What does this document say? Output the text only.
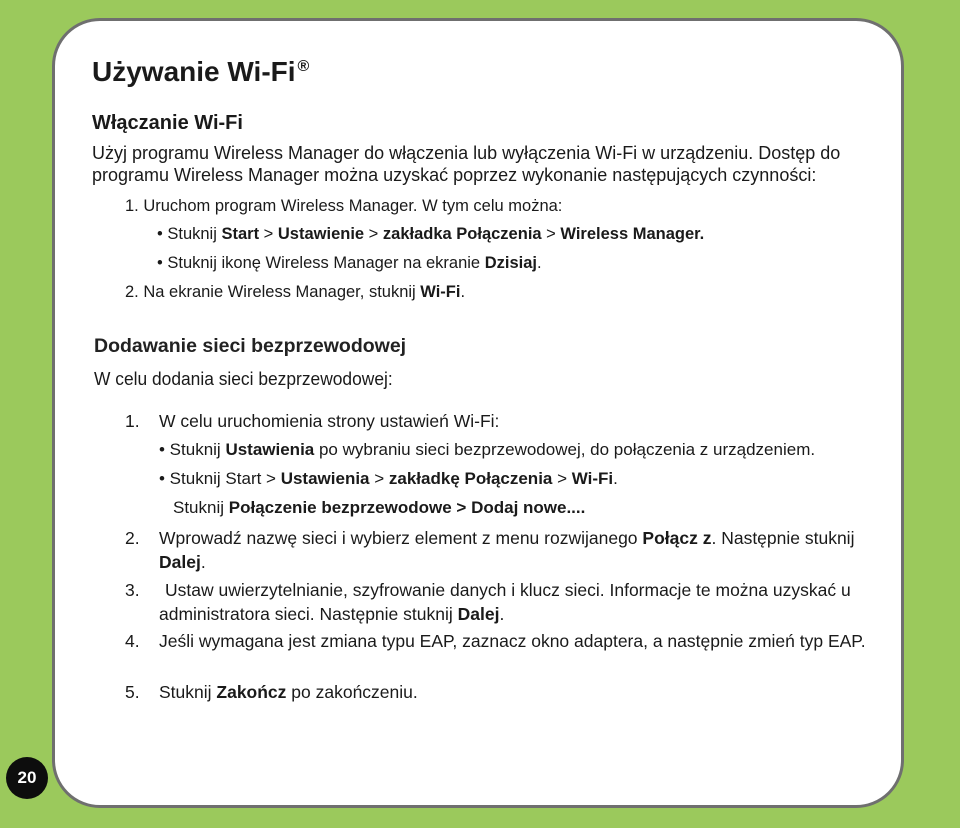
Używanie Wi-Fi ®
Włączanie Wi-Fi

Użyj programu Wireless Manager do włączenia lub wyłączenia Wi-Fi w urządzeniu. Dostęp do programu Wireless Manager można uzyskać poprzez wykonanie następujących czynności:

1. Uruchom program Wireless Manager. W tym celu można:

• Stuknij Start > Ustawienie > zakładka Połączenia > Wireless Manager.

• Stuknij ikonę Wireless Manager na ekranie Dzisiaj.

2. Na ekranie Wireless Manager, stuknij Wi-Fi.

Dodawanie sieci bezprzewodowej

W celu dodania sieci bezprzewodowej:

1. W celu uruchomienia strony ustawień Wi-Fi:

• Stuknij Ustawienia po wybraniu sieci bezprzewodowej, do połączenia z urządzeniem.

• Stuknij Start > Ustawienia > zakładkę Połączenia > Wi-Fi.

Stuknij Połączenie bezprzewodowe > Dodaj nowe....

2. Wprowadź nazwę sieci i wybierz element z menu rozwijanego Połącz z. Następnie stuknij Dalej.

3.	Ustaw uwierzytelnianie, szyfrowanie danych i klucz sieci. Informacje te można uzyskać u administratora sieci. Następnie stuknij Dalej.

4. Jeśli wymagana jest zmiana typu EAP, zaznacz okno adaptera, a następnie zmień typ EAP.

5. Stuknij Zakończ po zakończeniu.

20
